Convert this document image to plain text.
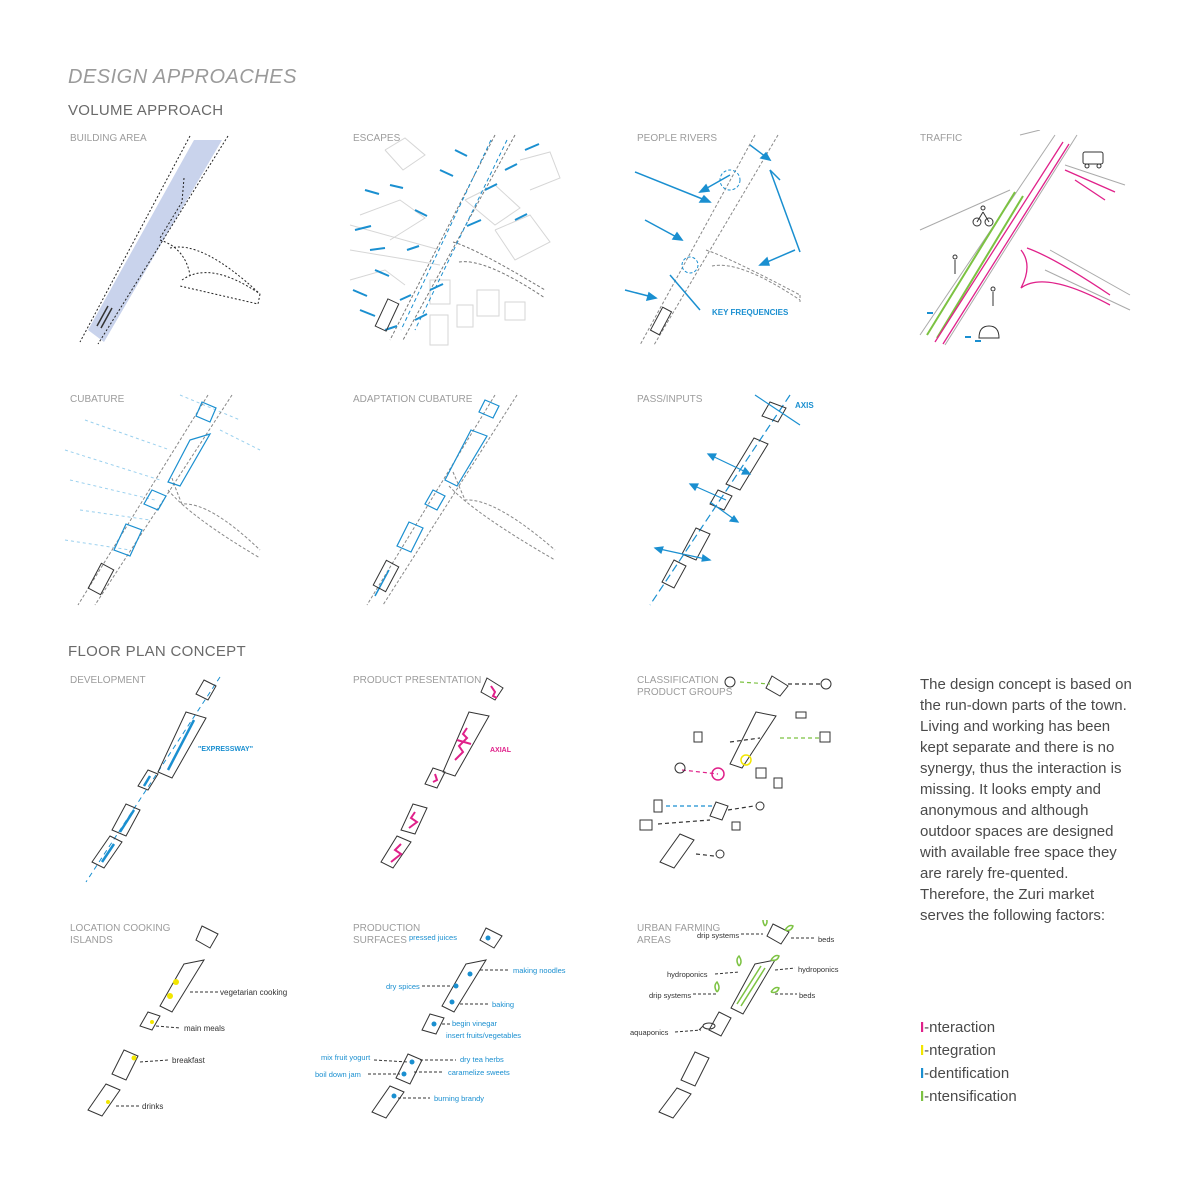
DESIGN APPROACHES
VOLUME APPROACH
FLOOR PLAN CONCEPT
BUILDING AREA	ESCAPES	PEOPLE RIVERS	TRAFFIC
CUBATURE	ADAPTATION CUBATURE	PASS/INPUTS
DEVELOPMENT	PRODUCT PRESENTATION	CLASSIFICATION
PRODUCT GROUPS
LOCATION COOKING
ISLANDS
PRODUCTION
SURFACES
URBAN FARMING
AREAS
KEY FREQUENCIES
AXIS
"EXPRESSWAY"	AXIAL
vegetarian cooking
main meals
breakfast
drinks
pressed juices
making noodles
dry spices
baking
begin vinegar
insert fruits/vegetables
mix fruit yogurt	dry tea herbs
boil down jam	caramelize sweets
burning brandy
drip systems	beds
hydroponics
hydroponics
drip systems	beds
aquaponics
The design concept is based on the run-down parts of the town. Living and working has been kept separate and there is no synergy, thus the interaction is missing. It looks empty and anonymous and although outdoor spaces are designed with available free space they are rarely fre-quented. Therefore, the Zuri market serves the following factors:
I-nteraction
I-ntegration
I-dentification
I-ntensification
